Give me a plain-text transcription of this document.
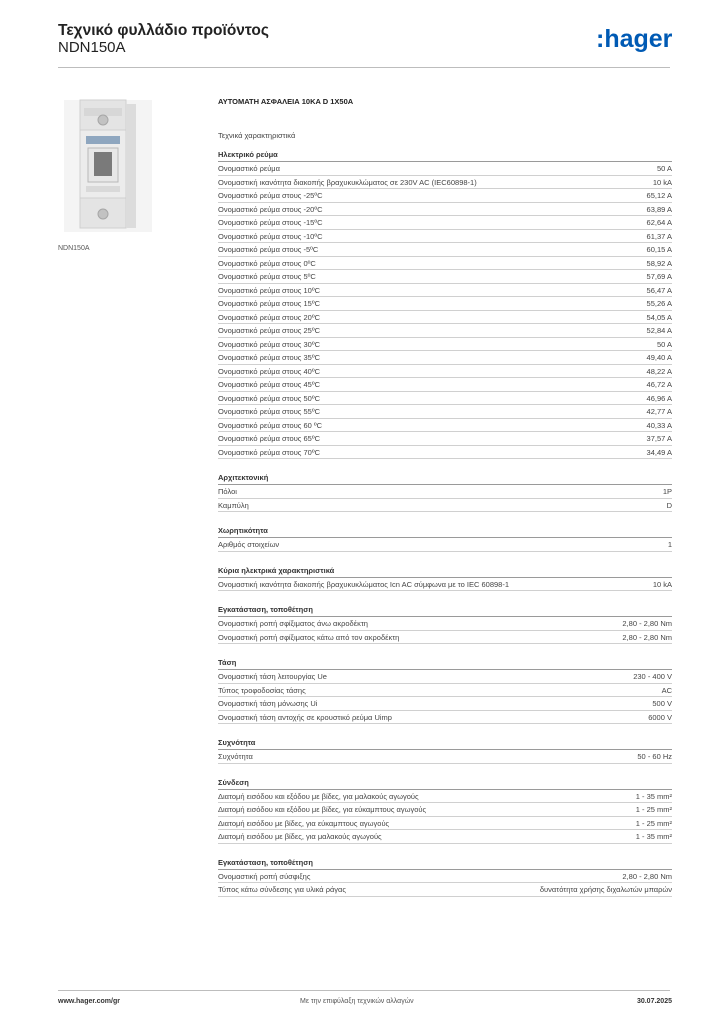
Τεχνικό φυλλάδιο προϊόντος
NDN150A	:hager
NDN150A
ΑΥΤΟΜΑΤΗ ΑΣΦΑΛΕΙΑ 10KA D 1X50A
Τεχνικά χαρακτηριστικά
Ηλεκτρικό ρεύμα
Ονομαστικό ρεύμα	50 A
Ονομαστική ικανότητα διακοπής βραχυκυκλώματος σε 230V AC (IEC60898-1)	10 kA
Ονομαστικό ρεύμα στους -25ºC	65,12 A
Ονομαστικό ρεύμα στους -20ºC	63,89 A
Ονομαστικό ρεύμα στους -15ºC	62,64 A
Ονομαστικό ρεύμα στους -10ºC	61,37 A
Ονομαστικό ρεύμα στους -5ºC	60,15 A
Ονομαστικό ρεύμα στους 0ºC	58,92 A
Ονομαστικό ρεύμα στους 5ºC	57,69 A
Ονομαστικό ρεύμα στους 10ºC	56,47 A
Ονομαστικό ρεύμα στους 15ºC	55,26 A
Ονομαστικό ρεύμα στους 20ºC	54,05 A
Ονομαστικό ρεύμα στους 25ºC	52,84 A
Ονομαστικό ρεύμα στους 30ºC	50 A
Ονομαστικό ρεύμα στους 35ºC	49,40 A
Ονομαστικό ρεύμα στους 40ºC	48,22 A
Ονομαστικό ρεύμα στους 45ºC	46,72 A
Ονομαστικό ρεύμα στους 50ºC	46,96 A
Ονομαστικό ρεύμα στους 55ºC	42,77 A
Ονομαστικό ρεύμα στους 60 ºC	40,33 A
Ονομαστικό ρεύμα στους 65ºC	37,57 A
Ονομαστικό ρεύμα στους 70ºC	34,49 A
Αρχιτεκτονική
Πόλοι	1P
Καμπύλη	D
Χωρητικότητα
Αριθμός στοιχείων	1
Κύρια ηλεκτρικά χαρακτηριστικά
Ονομαστική ικανότητα διακοπής βραχυκυκλώματος Icn AC σύμφωνα με το IEC 60898-1	10 kA
Εγκατάσταση, τοποθέτηση
Ονομαστική ροπή σφίξιματος άνω ακροδέκτη	2,80 - 2,80 Nm
Ονομαστική ροπή σφίξιματος κάτω από τον ακροδέκτη	2,80 - 2,80 Nm
Τάση
Ονομαστική τάση λειτουργίας Ue	230 - 400 V
Τύπος τροφοδοσίας τάσης	AC
Ονομαστική τάση μόνωσης Ui	500 V
Ονομαστική τάση αντοχής σε κρουστικό ρεύμα Uimp	6000 V
Συχνότητα
Συχνότητα	50 - 60 Hz
Σύνδεση
Διατομή εισόδου και εξόδου με βίδες, για μαλακούς αγωγούς	1 - 35 mm²
Διατομή εισόδου και εξόδου με βίδες, για εύκαμπτους αγωγούς	1 - 25 mm²
Διατομή εισόδου με βίδες, για εύκαμπτους αγωγούς	1 - 25 mm²
Διατομή εισόδου με βίδες, για μαλακούς αγωγούς	1 - 35 mm²
Εγκατάσταση, τοποθέτηση
Ονομαστική ροπή σύσφιξης	2,80 - 2,80 Nm
Τύπος κάτω σύνδεσης για υλικά ράγας	δυνατότητα χρήσης διχαλωτών μπαρών
www.hager.com/gr	Με την επιφύλαξη τεχνικών αλλαγών	30.07.2025
